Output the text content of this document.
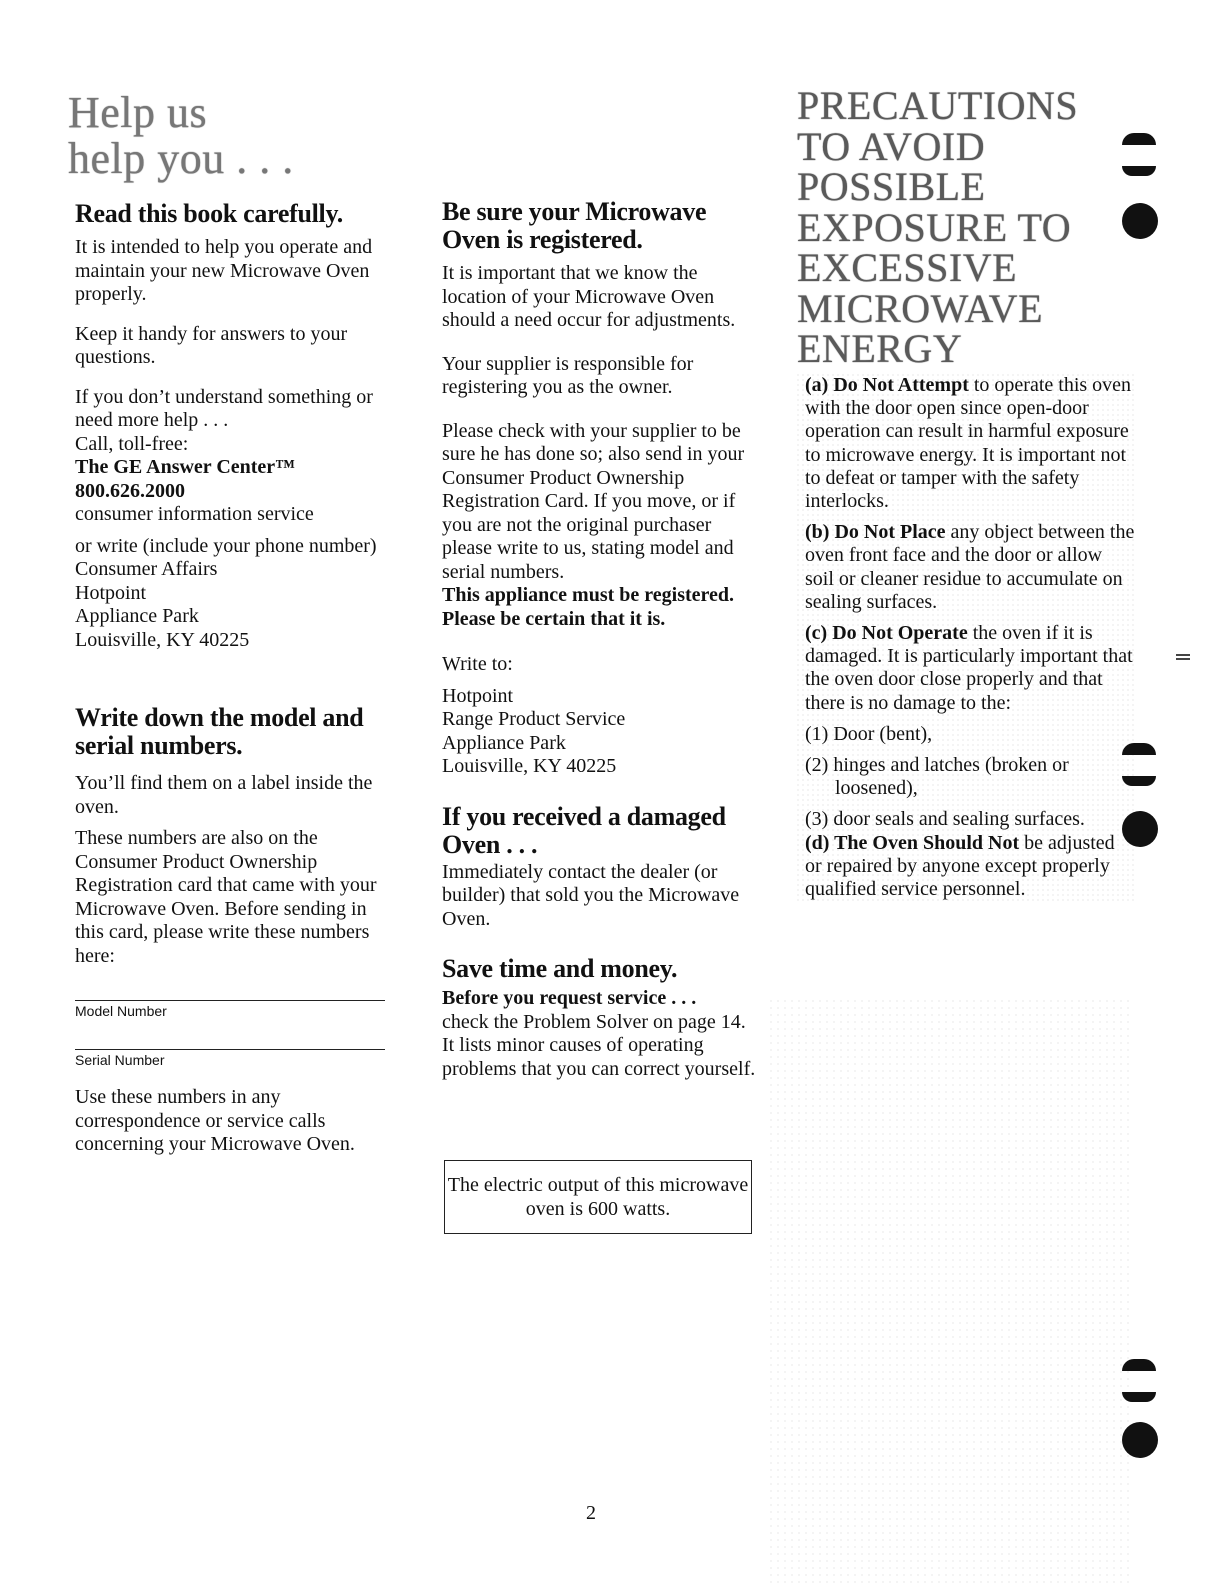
Help us
help you . . .
Read this book carefully.

It is intended to help you operate and maintain your new Microwave Oven properly.

Keep it handy for answers to your questions.

If you don’t understand something or need more help . . .

Call, toll-free:

The GE Answer Center™

800.626.2000

consumer information service

or write (include your phone number)

Consumer Affairs

Hotpoint

Appliance Park

Louisville, KY 40225

Write down the model and serial numbers.

You’ll find them on a label inside the oven.

These numbers are also on the Consumer Product Ownership Registration card that came with your Microwave Oven. Before sending in this card, please write these numbers here:

Model Number
Serial Number

Use these numbers in any correspondence or service calls concerning your Microwave Oven.

Be sure your Microwave Oven is registered.

It is important that we know the location of your Microwave Oven should a need occur for adjustments.

Your supplier is responsible for registering you as the owner.

Please check with your supplier to be sure he has done so; also send in your Consumer Product Ownership Registration Card. If you move, or if you are not the original purchaser please write to us, stating model and serial numbers.

This appliance must be registered. Please be certain that it is.

Write to:

Hotpoint

Range Product Service

Appliance Park

Louisville, KY 40225

If you received a damaged Oven . . .

Immediately contact the dealer (or builder) that sold you the Microwave Oven.

Save time and money.

Before you request service . . .

check the Problem Solver on page 14. It lists minor causes of operating problems that you can correct yourself.

The electric output of this microwave oven is 600 watts.
PRECAUTIONS
TO AVOID
POSSIBLE
EXPOSURE TO
EXCESSIVE
MICROWAVE
ENERGY

(a) Do Not Attempt to operate this oven with the door open since open-door operation can result in harmful exposure to microwave energy. It is important not to defeat or tamper with the safety interlocks.

(b) Do Not Place any object between the oven front face and the door or allow soil or cleaner residue to accumulate on sealing surfaces.

(c) Do Not Operate the oven if it is damaged. It is particularly important that the oven door close properly and that there is no damage to the:

(1) Door (bent),

(2) hinges and latches (broken or

loosened),

(3) door seals and sealing surfaces.

(d) The Oven Should Not be adjusted or repaired by anyone except properly qualified service personnel.

2
